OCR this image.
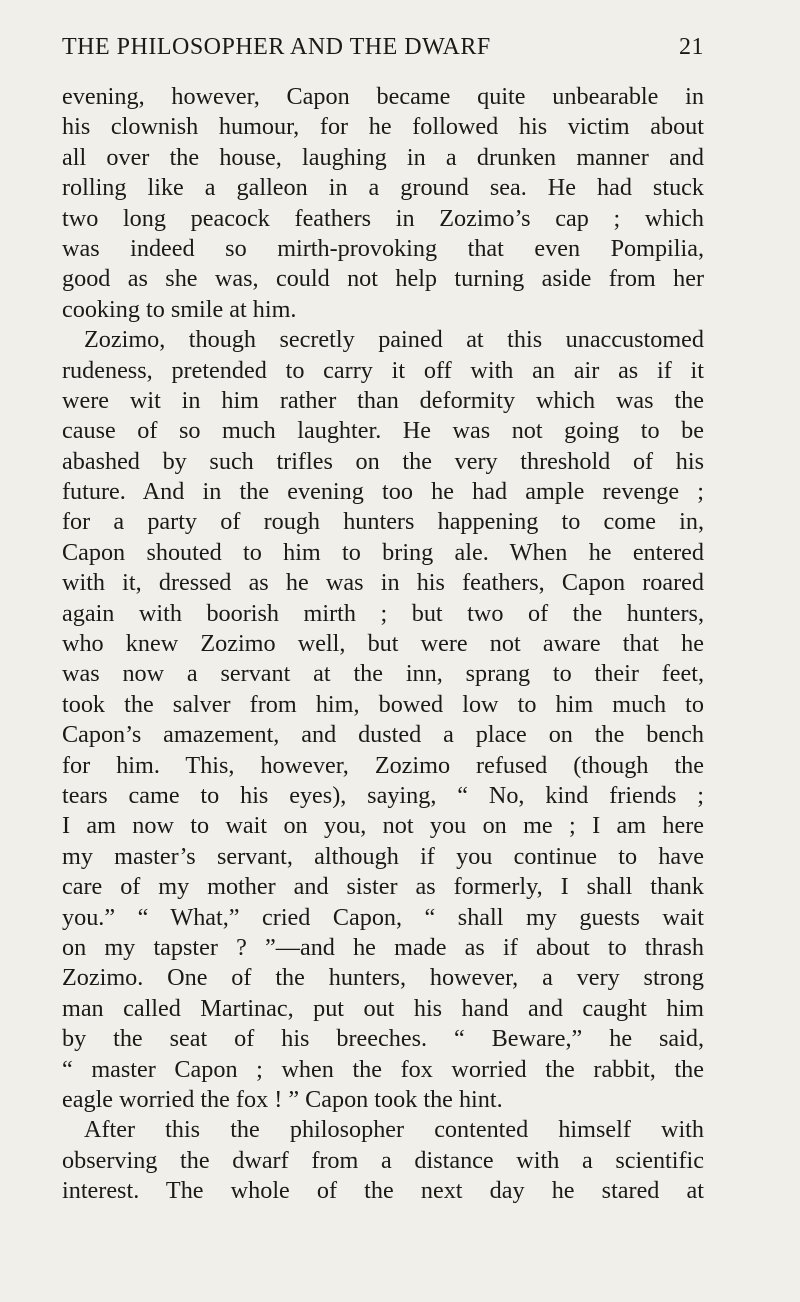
THE PHILOSOPHER AND THE DWARF	21
evening, however, Capon became quite unbearable in
his clownish humour, for he followed his victim about
all over the house, laughing in a drunken manner and
rolling like a galleon in a ground sea. He had stuck
two long peacock feathers in Zozimo’s cap ; which
was indeed so mirth-provoking that even Pompilia,
good as she was, could not help turning aside from her
cooking to smile at him.
Zozimo, though secretly pained at this unaccustomed
rudeness, pretended to carry it off with an air as if it
were wit in him rather than deformity which was the
cause of so much laughter. He was not going to be
abashed by such trifles on the very threshold of his
future. And in the evening too he had ample revenge ;
for a party of rough hunters happening to come in,
Capon shouted to him to bring ale. When he entered
with it, dressed as he was in his feathers, Capon roared
again with boorish mirth ; but two of the hunters,
who knew Zozimo well, but were not aware that he
was now a servant at the inn, sprang to their feet,
took the salver from him, bowed low to him much to
Capon’s amazement, and dusted a place on the bench
for him. This, however, Zozimo refused (though the
tears came to his eyes), saying, “ No, kind friends ;
I am now to wait on you, not you on me ; I am here
my master’s servant, although if you continue to have
care of my mother and sister as formerly, I shall thank
you.” “ What,” cried Capon, “ shall my guests wait
on my tapster ? ”—and he made as if about to thrash
Zozimo. One of the hunters, however, a very strong
man called Martinac, put out his hand and caught him
by the seat of his breeches. “ Beware,” he said,
“ master Capon ; when the fox worried the rabbit, the
eagle worried the fox ! ” Capon took the hint.
After this the philosopher contented himself with
observing the dwarf from a distance with a scientific
interest. The whole of the next day he stared at
